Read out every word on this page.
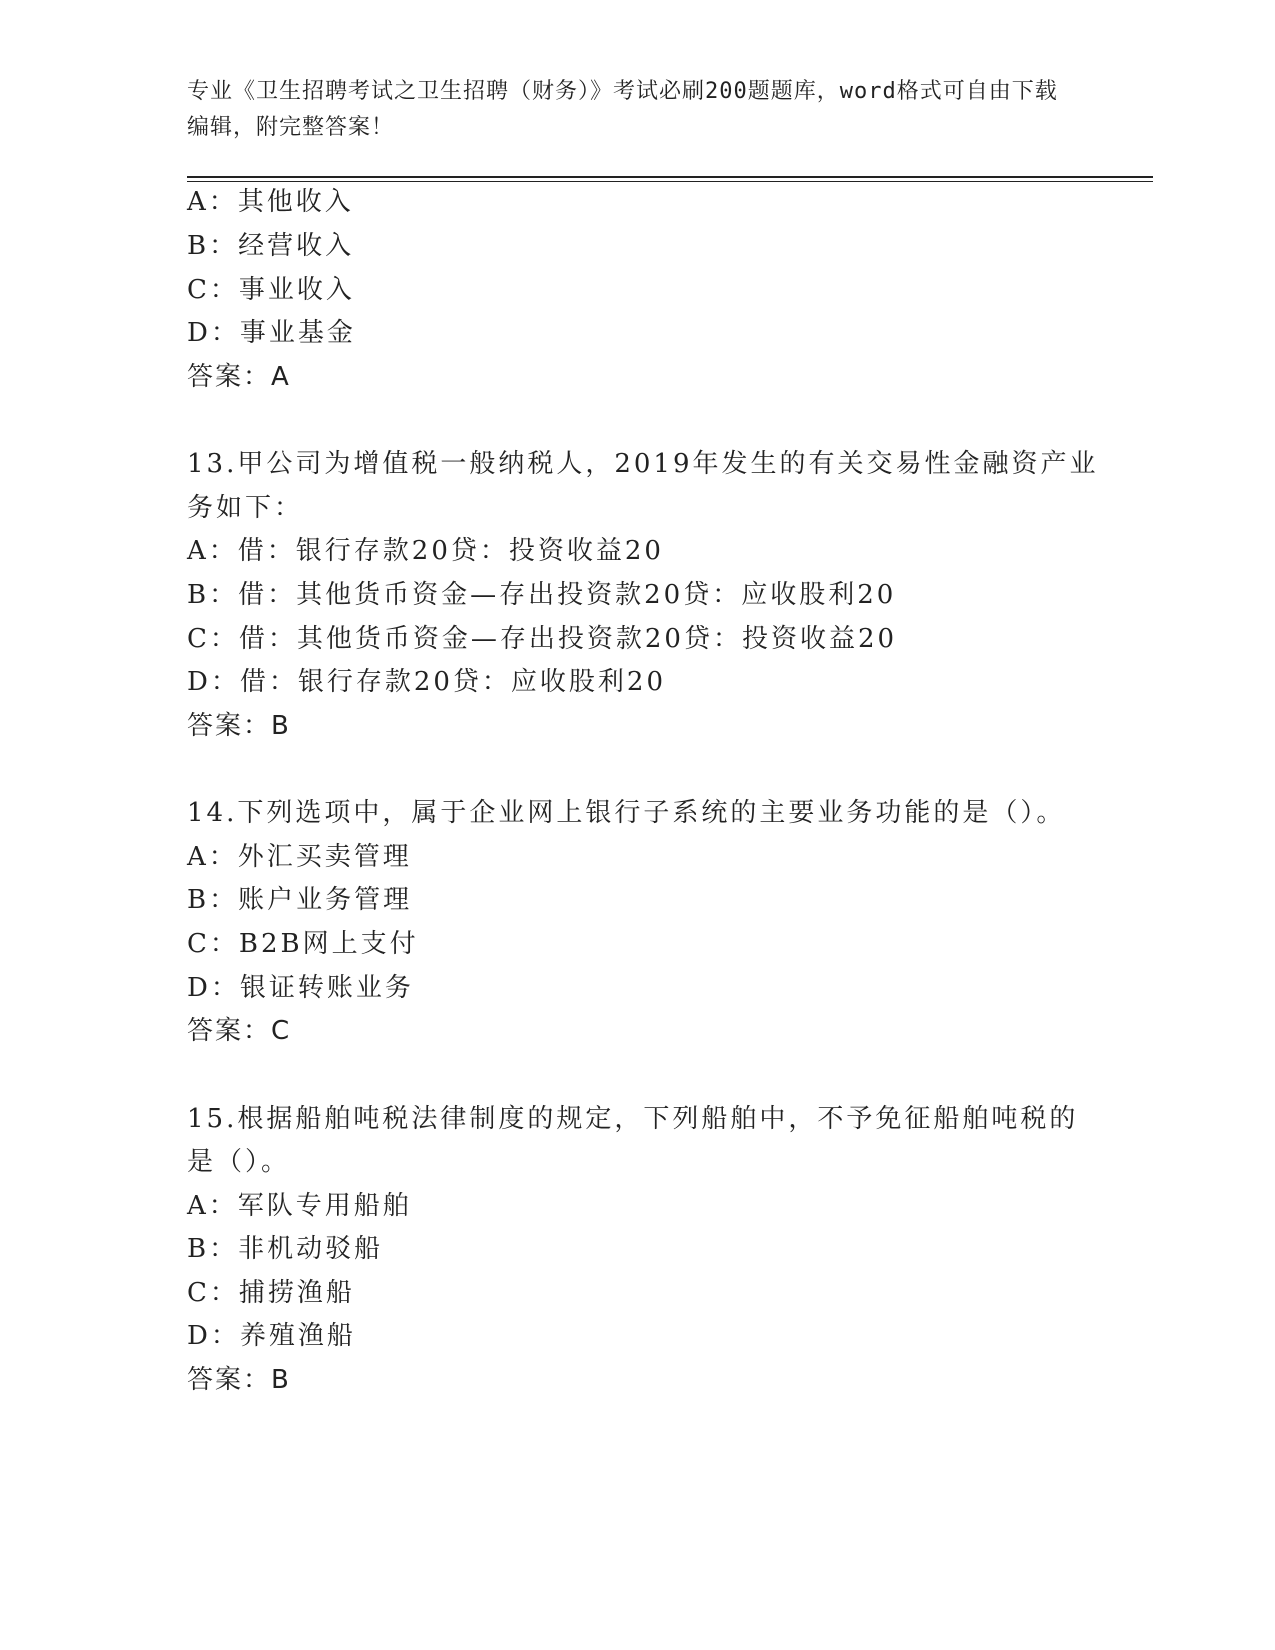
专业《卫生招聘考试之卫生招聘（财务）》考试必刷200题题库，word格式可自由下载编辑，附完整答案！
A：其他收入
B：经营收入
C：事业收入
D：事业基金
答案：A
13.甲公司为增值税一般纳税人，2019年发生的有关交易性金融资产业
务如下：
A：借：银行存款20贷：投资收益20
B：借：其他货币资金—存出投资款20贷：应收股利20
C：借：其他货币资金—存出投资款20贷：投资收益20
D：借：银行存款20贷：应收股利20
答案：B
14.下列选项中，属于企业网上银行子系统的主要业务功能的是（）。
A：外汇买卖管理
B：账户业务管理
C：B2B网上支付
D：银证转账业务
答案：C
15.根据船舶吨税法律制度的规定，下列船舶中，不予免征船舶吨税的
是（）。
A：军队专用船舶
B：非机动驳船
C：捕捞渔船
D：养殖渔船
答案：B
